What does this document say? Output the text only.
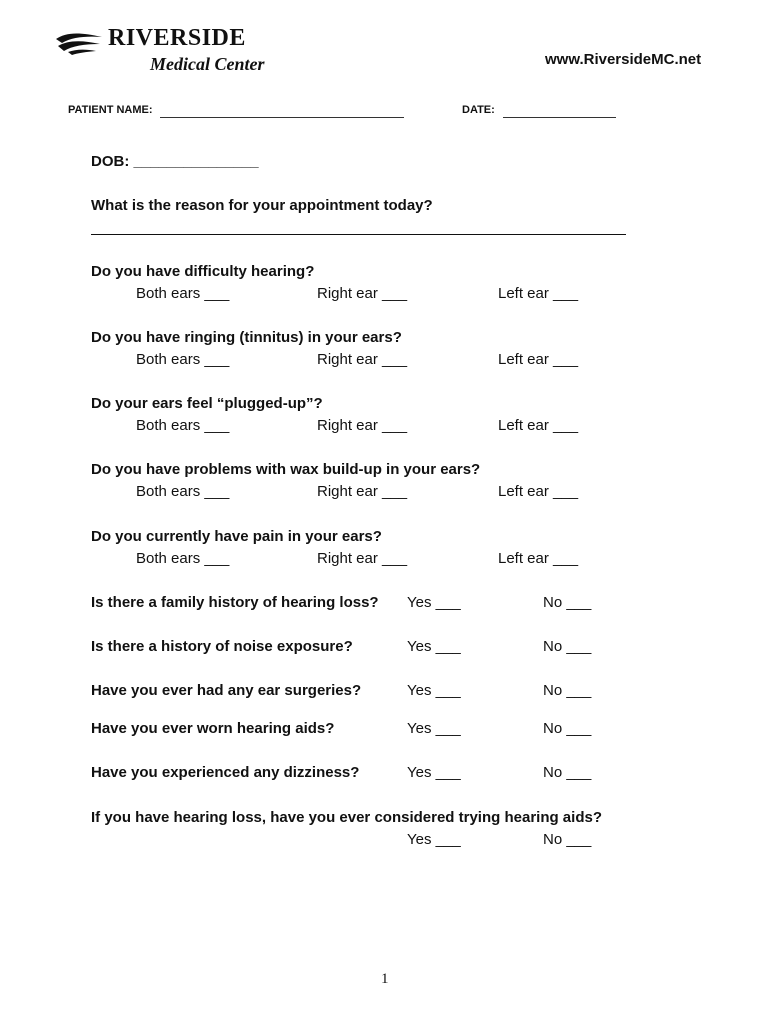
RIVERSIDE
Medical Center	www.RiversideMC.net
PATIENT NAME:	DATE:
DOB: _______________
What is the reason for your appointment today?
Do you have difficulty hearing?
Both ears ___	Right ear ___	Left ear ___
Do you have ringing (tinnitus) in your ears?
Both ears ___	Right ear ___	Left ear ___
Do your ears feel “plugged-up”?
Both ears ___	Right ear ___	Left ear ___
Do you have problems with wax build-up in your ears?
Both ears ___	Right ear ___	Left ear ___
Do you currently have pain in your ears?
Both ears ___	Right ear ___	Left ear ___
Is there a family history of hearing loss? Yes ___	No ___
Is there a history of noise exposure?	Yes ___	No ___
Have you ever had any ear surgeries?	Yes ___	No ___
Have you ever worn hearing aids?	Yes ___	No ___
Have you experienced any dizziness?	Yes ___	No ___
If you have hearing loss, have you ever considered trying hearing aids?
Yes ___	No ___
1
